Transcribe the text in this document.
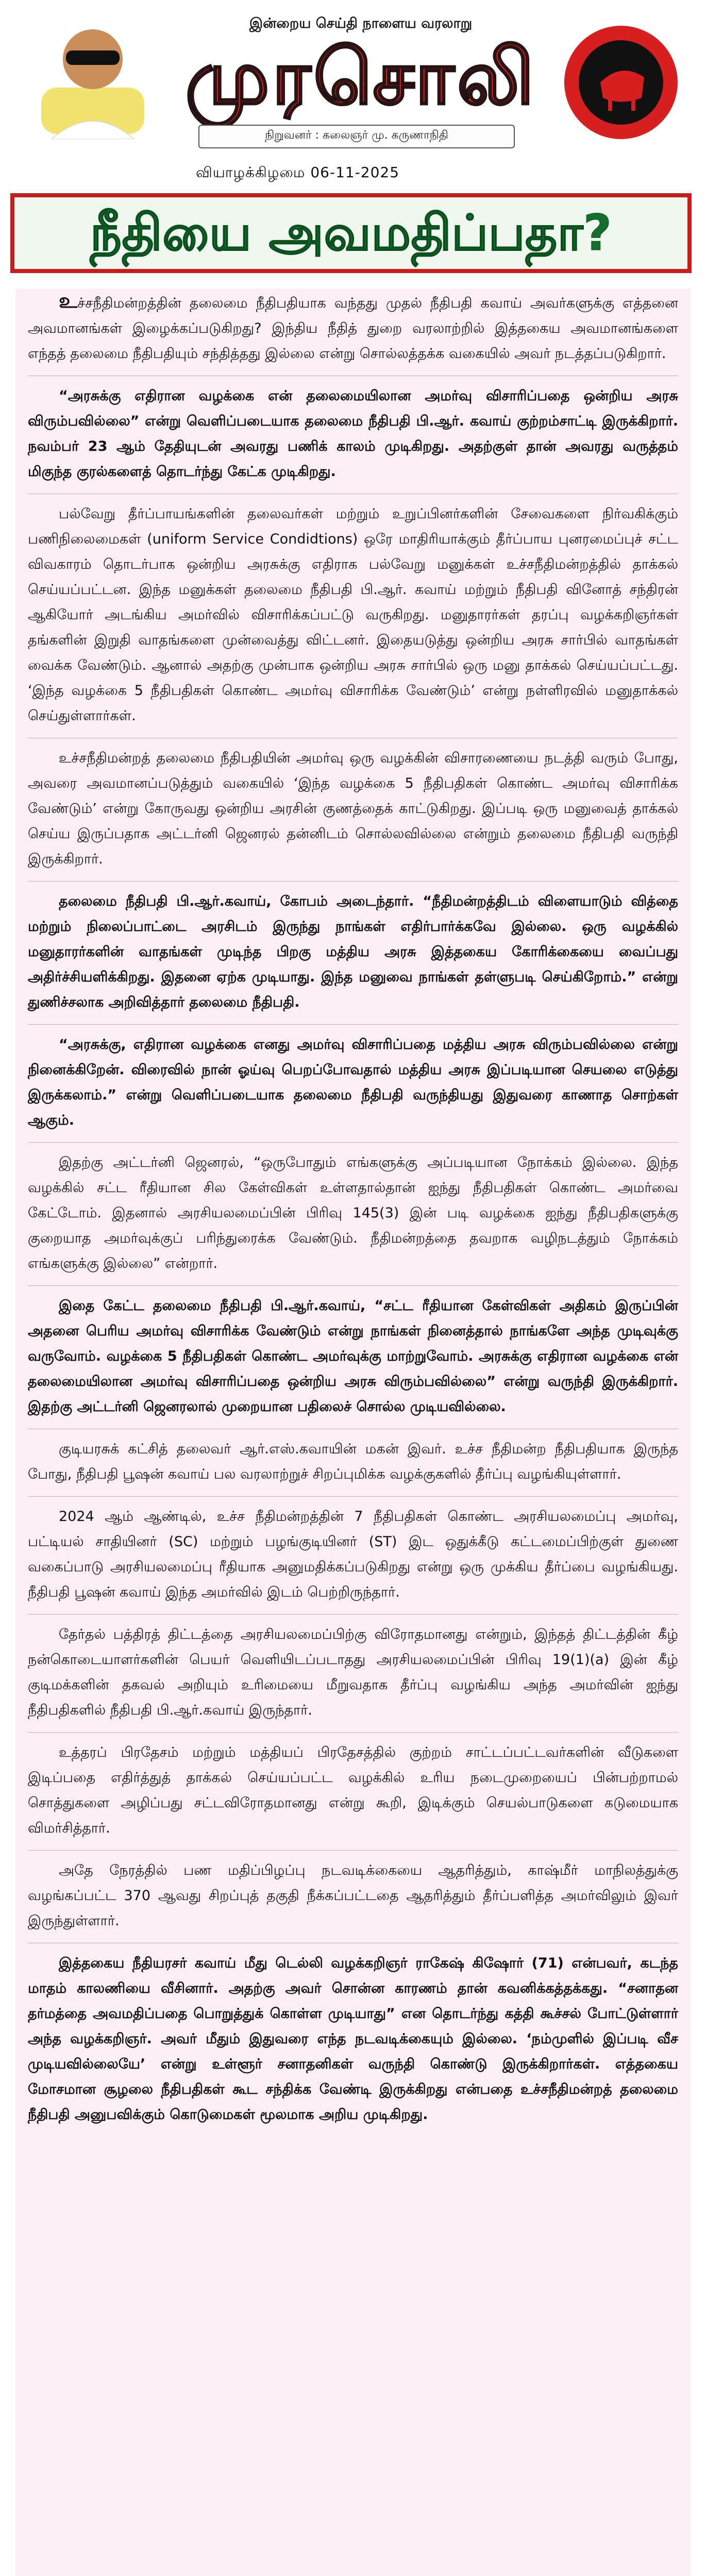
இன்றைய செய்தி நாளைய வரலாறு
முரசொலி
நிறுவனர் : கலைஞர் மு. கருணாநிதி
வியாழக்கிழமை 06-11-2025
நீதியை அவமதிப்பதா?

உச்சநீதிமன்றத்தின் தலைமை நீதிபதியாக வந்தது முதல் நீதிபதி கவாய் அவர்களுக்கு எத்தனை அவமானங்கள் இழைக்கப்படுகிறது? இந்திய நீதித் துறை வரலாற்றில் இத்தகைய அவமானங்களை எந்தத் தலைமை நீதிபதியும் சந்தித்தது இல்லை என்று சொல்லத்தக்க வகையில் அவர் நடத்தப்படுகிறார்.

“அரசுக்கு எதிரான வழக்கை என் தலைமையிலான அமர்வு விசாரிப்பதை ஒன்றிய அரசு விரும்பவில்லை” என்று வெளிப்படையாக தலைமை நீதிபதி பி.ஆர். கவாய் குற்றம்சாட்டி இருக்கிறார். நவம்பர் 23 ஆம் தேதியுடன் அவரது பணிக் காலம் முடிகிறது. அதற்குள் தான் அவரது வருத்தம் மிகுந்த குரல்களைத் தொடர்ந்து கேட்க முடிகிறது.

பல்வேறு தீர்ப்பாயங்களின் தலைவர்கள் மற்றும் உறுப்பினர்களின் சேவைகளை நிர்வகிக்கும் பணிநிலைமைகள் (uniform Service Condidtions) ஒரே மாதிரியாக்கும் தீர்ப்பாய புனரமைப்புச் சட்ட விவகாரம் தொடர்பாக ஒன்றிய அரசுக்கு எதிராக பல்வேறு மனுக்கள் உச்சநீதிமன்றத்தில் தாக்கல் செய்யப்பட்டன. இந்த மனுக்கள் தலைமை நீதிபதி பி.ஆர். கவாய் மற்றும் நீதிபதி வினோத் சந்திரன் ஆகியோர் அடங்கிய அமர்வில் விசாரிக்கப்பட்டு வருகிறது. மனுதாரர்கள் தரப்பு வழக்கறிஞர்கள் தங்களின் இறுதி வாதங்களை முன்வைத்து விட்டனர். இதையடுத்து ஒன்றிய அரசு சார்பில் வாதங்கள் வைக்க வேண்டும். ஆனால் அதற்கு முன்பாக ஒன்றிய அரசு சார்பில் ஒரு மனு தாக்கல் செய்யப்பட்டது. ‘இந்த வழக்கை 5 நீதிபதிகள் கொண்ட அமர்வு விசாரிக்க வேண்டும்’ என்று நள்ளிரவில் மனுதாக்கல் செய்துள்ளார்கள்.

உச்சநீதிமன்றத் தலைமை நீதிபதியின் அமர்வு ஒரு வழக்கின் விசாரணையை நடத்தி வரும் போது, அவரை அவமானப்படுத்தும் வகையில் ‘இந்த வழக்கை 5 நீதிபதிகள் கொண்ட அமர்வு விசாரிக்க வேண்டும்’ என்று கோருவது ஒன்றிய அரசின் குணத்தைக் காட்டுகிறது. இப்படி ஒரு மனுவைத் தாக்கல் செய்ய இருப்பதாக அட்டர்னி ஜெனரல் தன்னிடம் சொல்லவில்லை என்றும் தலைமை நீதிபதி வருந்தி இருக்கிறார்.

தலைமை நீதிபதி பி.ஆர்.கவாய், கோபம் அடைந்தார். “நீதிமன்றத்திடம் விளையாடும் வித்தை மற்றும் நிலைப்பாட்டை அரசிடம் இருந்து நாங்கள் எதிர்பார்க்கவே இல்லை. ஒரு வழக்கில் மனுதாரர்களின் வாதங்கள் முடிந்த பிறகு மத்திய அரசு இத்தகைய கோரிக்கையை வைப்பது அதிர்ச்சியளிக்கிறது. இதனை ஏற்க முடியாது. இந்த மனுவை நாங்கள் தள்ளுபடி செய்கிறோம்.” என்று துணிச்சலாக அறிவித்தார் தலைமை நீதிபதி.

“அரசுக்கு, எதிரான வழக்கை எனது அமர்வு விசாரிப்பதை மத்திய அரசு விரும்பவில்லை என்று நினைக்கிறேன். விரைவில் நான் ஓய்வு பெறப்போவதால் மத்திய அரசு இப்படியான செயலை எடுத்து இருக்கலாம்.” என்று வெளிப்படையாக தலைமை நீதிபதி வருந்தியது இதுவரை காணாத சொற்கள் ஆகும்.

இதற்கு அட்டர்னி ஜெனரல், “ஒருபோதும் எங்களுக்கு அப்படியான நோக்கம் இல்லை. இந்த வழக்கில் சட்ட ரீதியான சில கேள்விகள் உள்ளதால்தான் ஐந்து நீதிபதிகள் கொண்ட அமர்வை கேட்டோம். இதனால் அரசியலமைப்பின் பிரிவு 145(3) இன் படி வழக்கை ஐந்து நீதிபதிகளுக்கு குறையாத அமர்வுக்குப் பரிந்துரைக்க வேண்டும். நீதிமன்றத்தை தவறாக வழிநடத்தும் நோக்கம் எங்களுக்கு இல்லை” என்றார்.

இதை கேட்ட தலைமை நீதிபதி பி.ஆர்.கவாய், “சட்ட ரீதியான கேள்விகள் அதிகம் இருப்பின் அதனை பெரிய அமர்வு விசாரிக்க வேண்டும் என்று நாங்கள் நினைத்தால் நாங்களே அந்த முடிவுக்கு வருவோம். வழக்கை 5 நீதிபதிகள் கொண்ட அமர்வுக்கு மாற்றுவோம். அரசுக்கு எதிரான வழக்கை என் தலைமையிலான அமர்வு விசாரிப்பதை ஒன்றிய அரசு விரும்பவில்லை” என்று வருந்தி இருக்கிறார். இதற்கு அட்டர்னி ஜெனரலால் முறையான பதிலைச் சொல்ல முடியவில்லை.

குடியரசுக் கட்சித் தலைவர் ஆர்.எஸ்.கவாயின் மகன் இவர். உச்ச நீதிமன்ற நீதிபதியாக இருந்த போது, நீதிபதி பூஷன் கவாய் பல வரலாற்றுச் சிறப்புமிக்க வழக்குகளில் தீர்ப்பு வழங்கியுள்ளார்.

2024 ஆம் ஆண்டில், உச்ச நீதிமன்றத்தின் 7 நீதிபதிகள் கொண்ட அரசியலமைப்பு அமர்வு, பட்டியல் சாதியினர் (SC) மற்றும் பழங்குடியினர் (ST) இட ஒதுக்கீடு கட்டமைப்பிற்குள் துணை வகைப்பாடு அரசியலமைப்பு ரீதியாக அனுமதிக்கப்படுகிறது என்று ஒரு முக்கிய தீர்ப்பை வழங்கியது. நீதிபதி பூஷன் கவாய் இந்த அமர்வில் இடம் பெற்றிருந்தார்.

தேர்தல் பத்திரத் திட்டத்தை அரசியலமைப்பிற்கு விரோதமானது என்றும், இந்தத் திட்டத்தின் கீழ் நன்கொடையாளர்களின் பெயர் வெளியிடப்படாதது அரசியலமைப்பின் பிரிவு 19(1)(a) இன் கீழ் குடிமக்களின் தகவல் அறியும் உரிமையை மீறுவதாக தீர்ப்பு வழங்கிய அந்த அமர்வின் ஐந்து நீதிபதிகளில் நீதிபதி பி.ஆர்.கவாய் இருந்தார்.

உத்தரப் பிரதேசம் மற்றும் மத்தியப் பிரதேசத்தில் குற்றம் சாட்டப்பட்டவர்களின் வீடுகளை இடிப்பதை எதிர்த்துத் தாக்கல் செய்யப்பட்ட வழக்கில் உரிய நடைமுறையைப் பின்பற்றாமல் சொத்துகளை அழிப்பது சட்டவிரோதமானது என்று கூறி, இடிக்கும் செயல்பாடுகளை கடுமையாக விமர்சித்தார்.

அதே நேரத்தில் பண மதிப்பிழப்பு நடவடிக்கையை ஆதரித்தும், காஷ்மீர் மாநிலத்துக்கு வழங்கப்பட்ட 370 ஆவது சிறப்புத் தகுதி நீக்கப்பட்டதை ஆதரித்தும் தீர்ப்பளித்த அமர்விலும் இவர் இருந்துள்ளார்.

இத்தகைய நீதியரசர் கவாய் மீது டெல்லி வழக்கறிஞர் ராகேஷ் கிஷோர் (71) என்பவர், கடந்த மாதம் காலணியை வீசினார். அதற்கு அவர் சொன்ன காரணம் தான் கவனிக்கத்தக்கது. “சனாதன தர்மத்தை அவமதிப்பதை பொறுத்துக் கொள்ள முடியாது” என தொடர்ந்து கத்தி கூச்சல் போட்டுள்ளார் அந்த வழக்கறிஞர். அவர் மீதும் இதுவரை எந்த நடவடிக்கையும் இல்லை. ‘நம்முளில் இப்படி வீச முடியவில்லையே’ என்று உள்ளூர் சனாதனிகள் வருந்தி கொண்டு இருக்கிறார்கள். எத்தகைய மோசமான சூழலை நீதிபதிகள் கூட சந்திக்க வேண்டி இருக்கிறது என்பதை உச்சநீதிமன்றத் தலைமை நீதிபதி அனுபவிக்கும் கொடுமைகள் மூலமாக அறிய முடிகிறது.
